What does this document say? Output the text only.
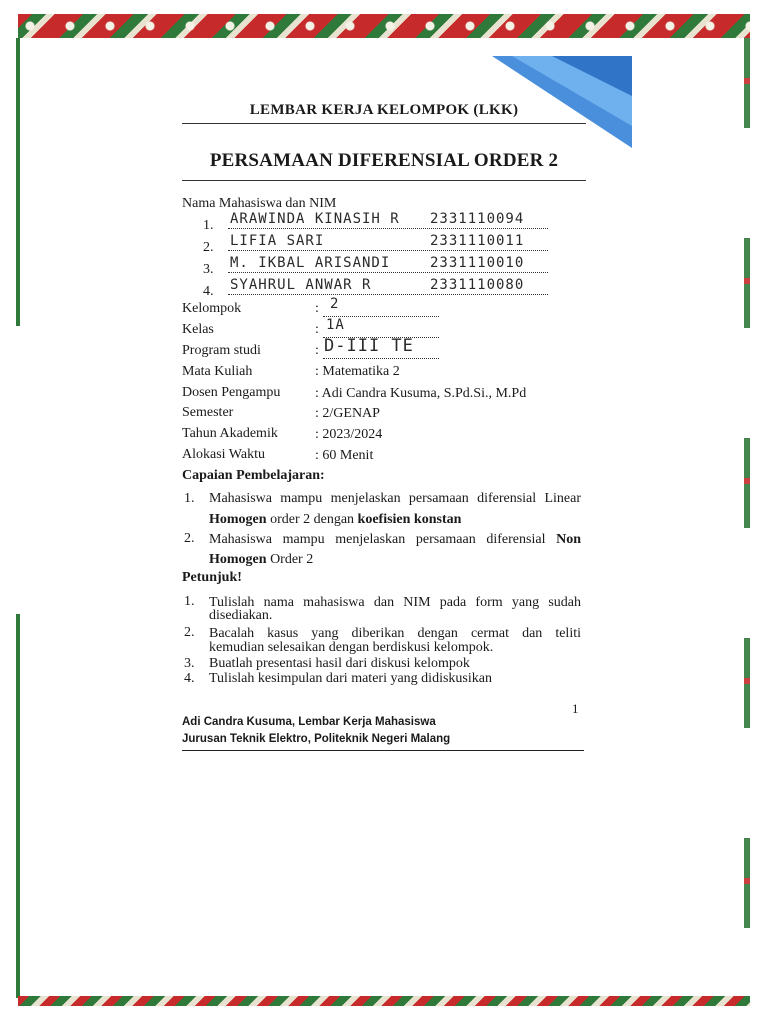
LEMBAR KERJA KELOMPOK (LKK)
PERSAMAAN DIFERENSIAL ORDER 2
Nama Mahasiswa dan NIM
1. ARAWINDA KINASIH R 2331110094
2. LIFIA SARI	2331110011
3. M. IKBAL ARISANDI	2331110010
4. SYAHRUL ANWAR R	2331110080
Kelompok	: 2
Kelas	: 1A
Program studi	: D-III TE
Mata Kuliah	: Matematika 2
Dosen Pengampu : Adi Candra Kusuma, S.Pd.Si., M.Pd
Semester	: 2/GENAP
Tahun Akademik	: 2023/2024
Alokasi Waktu	: 60 Menit
Capaian Pembelajaran:
1. Mahasiswa mampu menjelaskan persamaan diferensial Linear
Homogen order 2 dengan koefisien konstan
2. Mahasiswa mampu menjelaskan persamaan diferensial Non
Homogen Order 2
Petunjuk!
1. Tulislah nama mahasiswa dan NIM pada form yang sudah
disediakan.
2. Bacalah kasus yang diberikan dengan cermat dan teliti
kemudian selesaikan dengan berdiskusi kelompok.
3. Buatlah presentasi hasil dari diskusi kelompok
4. Tulislah kesimpulan dari materi yang didiskusikan
1
Adi Candra Kusuma, Lembar Kerja Mahasiswa
Jurusan Teknik Elektro, Politeknik Negeri Malang
